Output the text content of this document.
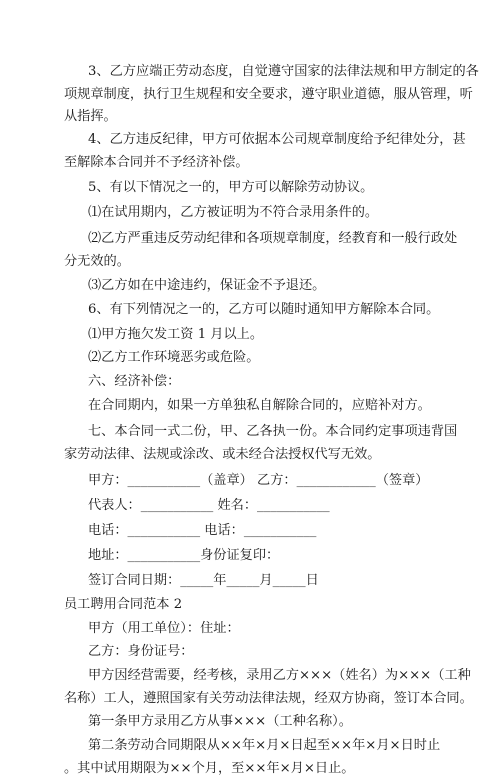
3、乙方应端正劳动态度，自觉遵守国家的法律法规和甲方制定的各
项规章制度，执行卫生规程和安全要求，遵守职业道德，服从管理，听
从指挥。
4、乙方违反纪律，甲方可依据本公司规章制度给予纪律处分，甚
至解除本合同并不予经济补偿。
5、有以下情况之一的，甲方可以解除劳动协议。
⑴在试用期内，乙方被证明为不符合录用条件的。
⑵乙方严重违反劳动纪律和各项规章制度，经教育和一般行政处
分无效的。
⑶乙方如在中途违约，保证金不予退还。
6、有下列情况之一的，乙方可以随时通知甲方解除本合同。
⑴甲方拖欠发工资 1 月以上。
⑵乙方工作环境恶劣或危险。
六、经济补偿：
在合同期内，如果一方单独私自解除合同的，应赔补对方。
七、本合同一式二份，甲、乙各执一份。本合同约定事项违背国
家劳动法律、法规或涂改、或未经合法授权代写无效。
甲方：___________（盖章） 乙方：____________（签章）
代表人：___________ 姓名：___________
电话：___________ 电话：___________
地址：___________身份证复印：
签订合同日期：_____年_____月_____日
员工聘用合同范本 2
甲方（用工单位）：住址：
乙方：身份证号：
甲方因经营需要，经考核，录用乙方×××（姓名）为×××（工种
名称）工人，遵照国家有关劳动法律法规，经双方协商，签订本合同。
第一条甲方录用乙方从事×××（工种名称）。
第二条劳动合同期限从××年×月×日起至××年×月×日时止
。其中试用期限为××个月，至××年×月×日止。
